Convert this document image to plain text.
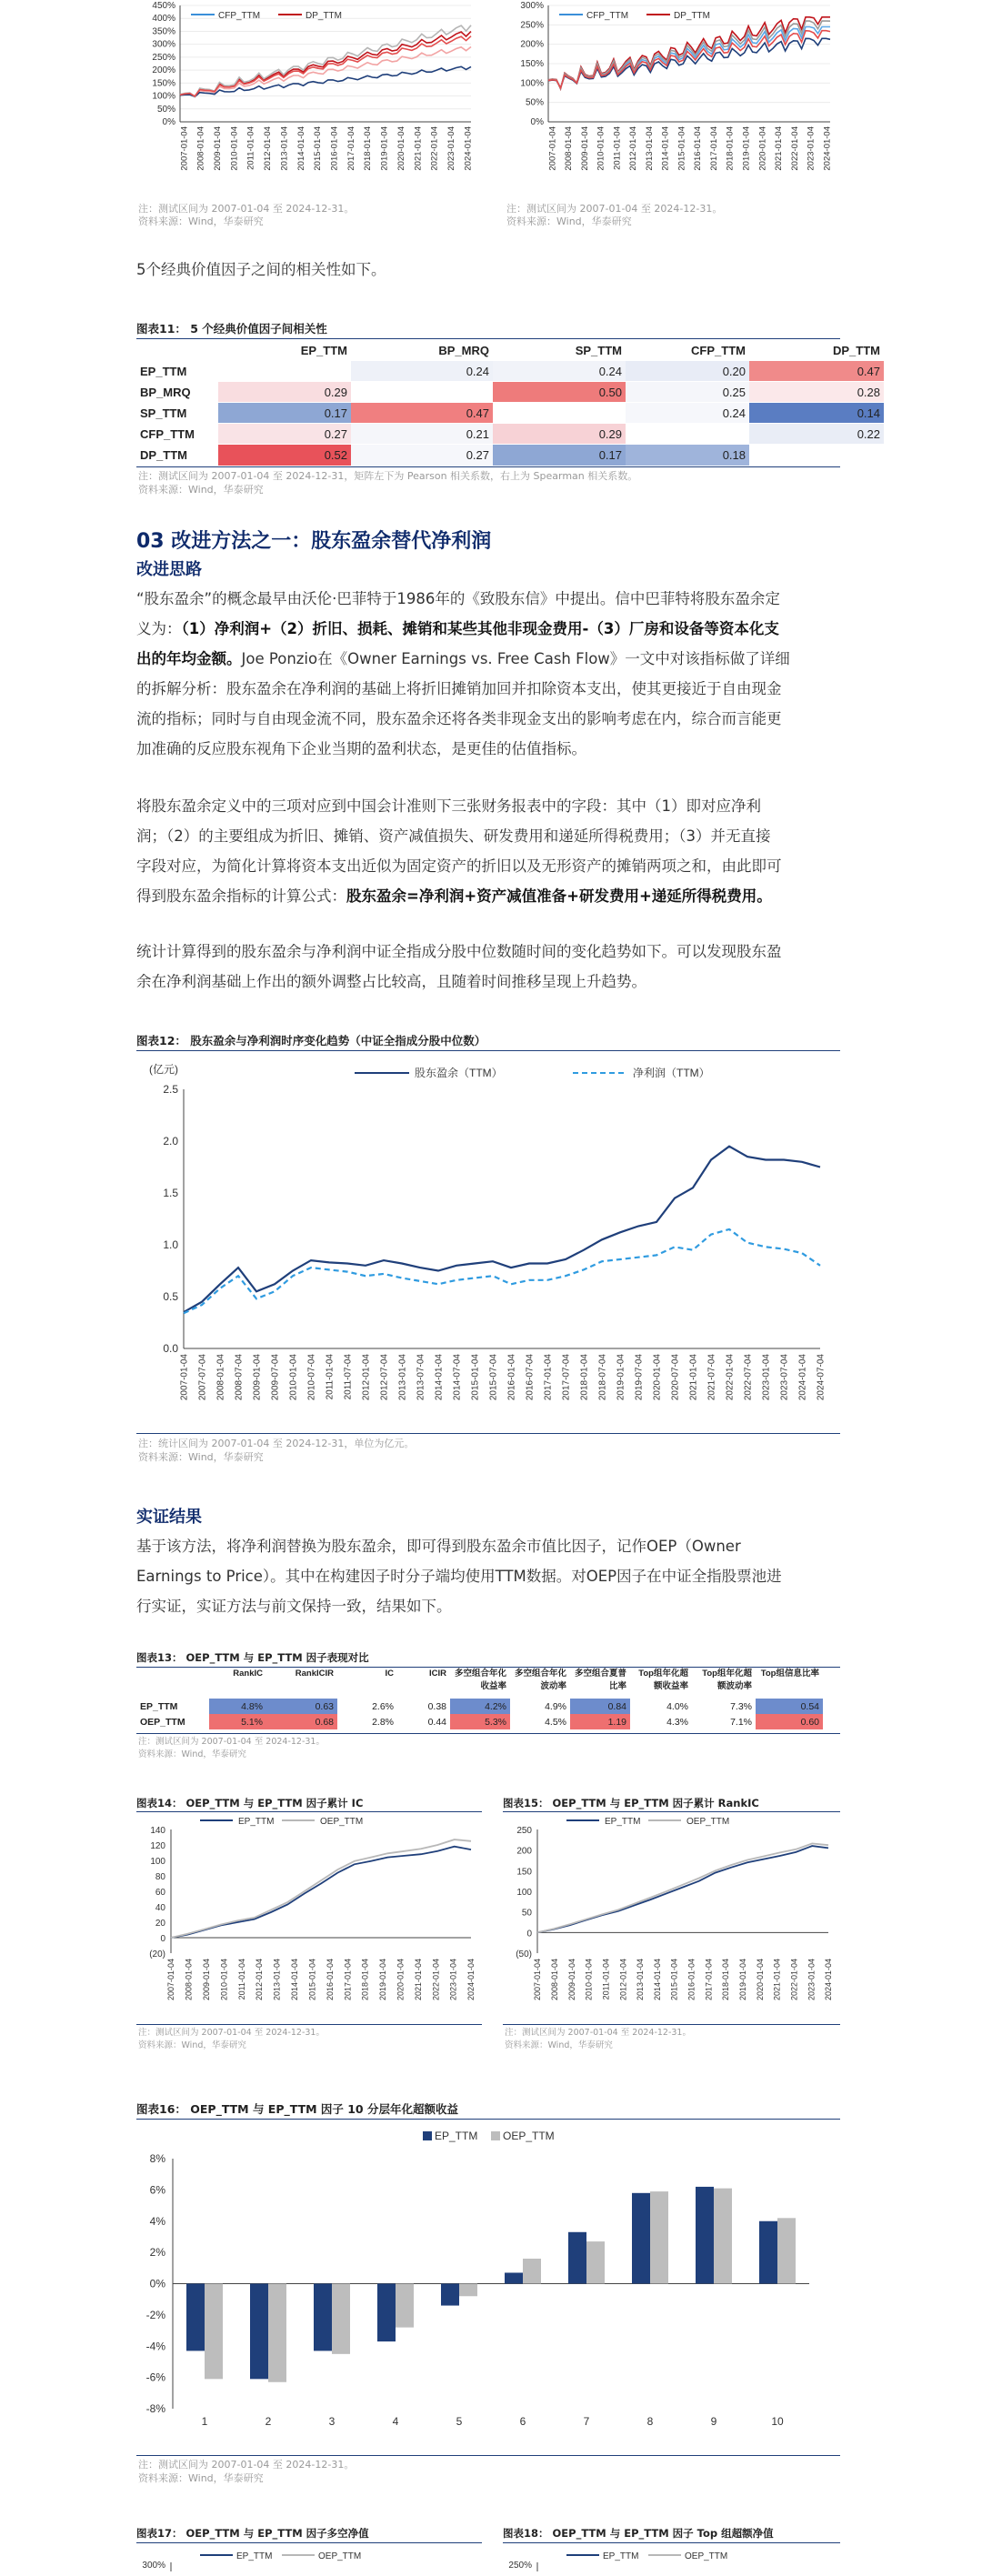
0%
50%
100%
150%
200%
250%
300%
350%
400%
450%
2007-01-04 2008-01-04 2009-01-04 2010-01-04 2011-01-04 2012-01-04 2013-01-04 2014-01-04 2015-01-04 2016-01-04 2017-01-04 2018-01-04 2019-01-04 2020-01-04 2021-01-04 2022-01-04 2023-01-04 2024-01-04
CFP_TTM	DP_TTM
注：测试区间为 2007-01-04 至 2024-12-31。
资料来源：Wind，华泰研究
0%
50%
100%
150%
200%
250%
300%
2007-01-04 2008-01-04 2009-01-04 2010-01-04 2011-01-04 2012-01-04 2013-01-04 2014-01-04 2015-01-04 2016-01-04 2017-01-04 2018-01-04 2019-01-04 2020-01-04 2021-01-04 2022-01-04 2023-01-04 2024-01-04
CFP_TTM	DP_TTM
注：测试区间为 2007-01-04 至 2024-12-31。
资料来源：Wind，华泰研究
5个经典价值因子之间的相关性如下。
图表11： 5 个经典价值因子间相关性
	EP_TTM	BP_MRQ	SP_TTM	CFP_TTM	DP_TTM
EP_TTM		0.24	0.24	0.20	0.47
BP_MRQ	0.29		0.50	0.25	0.28
SP_TTM	0.17	0.47		0.24	0.14
CFP_TTM	0.27	0.21	0.29		0.22
DP_TTM	0.52	0.27	0.17	0.18	
注：测试区间为 2007-01-04 至 2024-12-31，矩阵左下为 Pearson 相关系数，右上为 Spearman 相关系数。
资料来源：Wind，华泰研究
03 改进方法之一：股东盈余替代净利润
改进思路
“股东盈余”的概念最早由沃伦·巴菲特于1986年的《致股东信》中提出。信中巴菲特将股东盈余定
义为：（1）净利润+（2）折旧、损耗、摊销和某些其他非现金费用-（3）厂房和设备等资本化支
出的年均金额。Joe Ponzio在《Owner Earnings vs. Free Cash Flow》一文中对该指标做了详细
的拆解分析：股东盈余在净利润的基础上将折旧摊销加回并扣除资本支出，使其更接近于自由现金
流的指标；同时与自由现金流不同，股东盈余还将各类非现金支出的影响考虑在内，综合而言能更
加准确的反应股东视角下企业当期的盈利状态，是更佳的估值指标。
将股东盈余定义中的三项对应到中国会计准则下三张财务报表中的字段：其中（1）即对应净利
润；（2）的主要组成为折旧、摊销、资产减值损失、研发费用和递延所得税费用；（3）并无直接
字段对应，为简化计算将资本支出近似为固定资产的折旧以及无形资产的摊销两项之和，由此即可
得到股东盈余指标的计算公式：股东盈余=净利润+资产减值准备+研发费用+递延所得税费用。
统计计算得到的股东盈余与净利润中证全指成分股中位数随时间的变化趋势如下。可以发现股东盈
余在净利润基础上作出的额外调整占比较高，且随着时间推移呈现上升趋势。
图表12： 股东盈余与净利润时序变化趋势（中证全指成分股中位数）
0.0
0.5
1.0
1.5
2.0
2.5
2007-01-04 2007-07-04 2008-01-04 2008-07-04 2009-01-04 2009-07-04 2010-01-04 2010-07-04 2011-01-04 2011-07-04 2012-01-04 2012-07-04 2013-01-04 2013-07-04 2014-01-04 2014-07-04 2015-01-04 2015-07-04 2016-01-04 2016-07-04 2017-01-04 2017-07-04 2018-01-04 2018-07-04 2019-01-04 2019-07-04 2020-01-04 2020-07-04 2021-01-04 2021-07-04 2022-01-04 2022-07-04 2023-01-04 2023-07-04 2024-01-04 2024-07-04
股东盈余（TTM）	净利润（TTM）
(亿元)
注：统计区间为 2007-01-04 至 2024-12-31，单位为亿元。
资料来源：Wind，华泰研究
实证结果
基于该方法，将净利润替换为股东盈余，即可得到股东盈余市值比因子，记作OEP（Owner
Earnings to Price）。其中在构建因子时分子端均使用TTM数据。对OEP因子在中证全指股票池进
行实证，实证方法与前文保持一致，结果如下。
图表13： OEP_TTM 与 EP_TTM 因子表现对比
	RankIC	RankICIR	IC	ICIR	多空组合年化收益率	多空组合年化波动率	多空组合夏普比率	Top组年化超额收益率	Top组年化超额波动率	Top组信息比率
EP_TTM	4.8%	0.63	2.6%	0.38	4.2%	4.9%	0.84	4.0%	7.3%	0.54
OEP_TTM	5.1%	0.68	2.8%	0.44	5.3%	4.5%	1.19	4.3%	7.1%	0.60
注：测试区间为 2007-01-04 至 2024-12-31。
资料来源：Wind，华泰研究
图表14： OEP_TTM 与 EP_TTM 因子累计 IC
(20)
0
20
40
60
80
100
120
140
2007-01-04 2008-01-04 2009-01-04 2010-01-04 2011-01-04 2012-01-04 2013-01-04 2014-01-04 2015-01-04 2016-01-04 2017-01-04 2018-01-04 2019-01-04 2020-01-04 2021-01-04 2022-01-04 2023-01-04 2024-01-04
EP_TTM	OEP_TTM
注：测试区间为 2007-01-04 至 2024-12-31。
资料来源：Wind，华泰研究
图表15： OEP_TTM 与 EP_TTM 因子累计 RankIC
(50)
0
50
100
150
200
250
2007-01-04 2008-01-04 2009-01-04 2010-01-04 2011-01-04 2012-01-04 2013-01-04 2014-01-04 2015-01-04 2016-01-04 2017-01-04 2018-01-04 2019-01-04 2020-01-04 2021-01-04 2022-01-04 2023-01-04 2024-01-04
EP_TTM	OEP_TTM
注：测试区间为 2007-01-04 至 2024-12-31。
资料来源：Wind，华泰研究
图表16： OEP_TTM 与 EP_TTM 因子 10 分层年化超额收益
-8%
-6%
-4%
-2%
0%
2%
4%
6%
8%
1	2	3	4	5	6	7	8	9	10
EP_TTM OEP_TTM
注：测试区间为 2007-01-04 至 2024-12-31。
资料来源：Wind，华泰研究
图表17： OEP_TTM 与 EP_TTM 因子多空净值
EP_TTM	OEP_TTM
300%
图表18： OEP_TTM 与 EP_TTM 因子 Top 组超额净值
EP_TTM	OEP_TTM
250%
